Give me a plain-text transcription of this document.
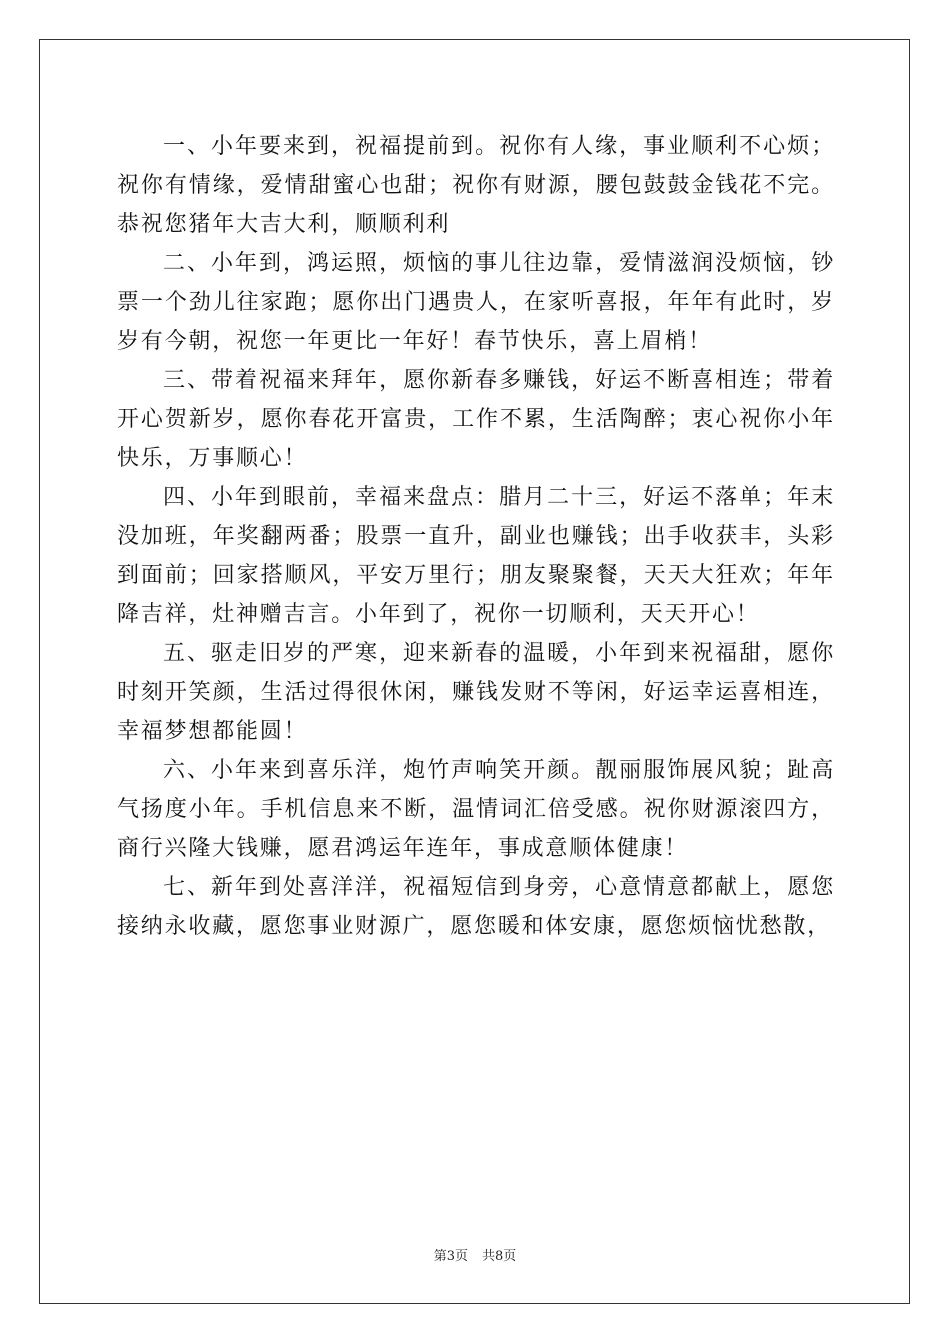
一、小年要来到，祝福提前到。祝你有人缘，事业顺利不心烦；祝你有情缘，爱情甜蜜心也甜；祝你有财源，腰包鼓鼓金钱花不完。恭祝您猪年大吉大利，顺顺利利

二、小年到，鸿运照，烦恼的事儿往边靠，爱情滋润没烦恼，钞票一个劲儿往家跑；愿你出门遇贵人，在家听喜报，年年有此时，岁岁有今朝，祝您一年更比一年好！春节快乐，喜上眉梢！

三、带着祝福来拜年，愿你新春多赚钱，好运不断喜相连；带着开心贺新岁，愿你春花开富贵，工作不累，生活陶醉；衷心祝你小年快乐，万事顺心！

四、小年到眼前，幸福来盘点：腊月二十三，好运不落单；年末没加班，年奖翻两番；股票一直升，副业也赚钱；出手收获丰，头彩到面前；回家搭顺风，平安万里行；朋友聚聚餐，天天大狂欢；年年降吉祥，灶神赠吉言。小年到了，祝你一切顺利，天天开心！

五、驱走旧岁的严寒，迎来新春的温暖，小年到来祝福甜，愿你时刻开笑颜，生活过得很休闲，赚钱发财不等闲，好运幸运喜相连，幸福梦想都能圆！

六、小年来到喜乐洋，炮竹声响笑开颜。靓丽服饰展风貌；趾高气扬度小年。手机信息来不断，温情词汇倍受感。祝你财源滚四方，商行兴隆大钱赚，愿君鸿运年连年，事成意顺体健康！

七、新年到处喜洋洋，祝福短信到身旁，心意情意都献上，愿您接纳永收藏，愿您事业财源广，愿您暖和体安康，愿您烦恼忧愁散，

第3页 共8页
